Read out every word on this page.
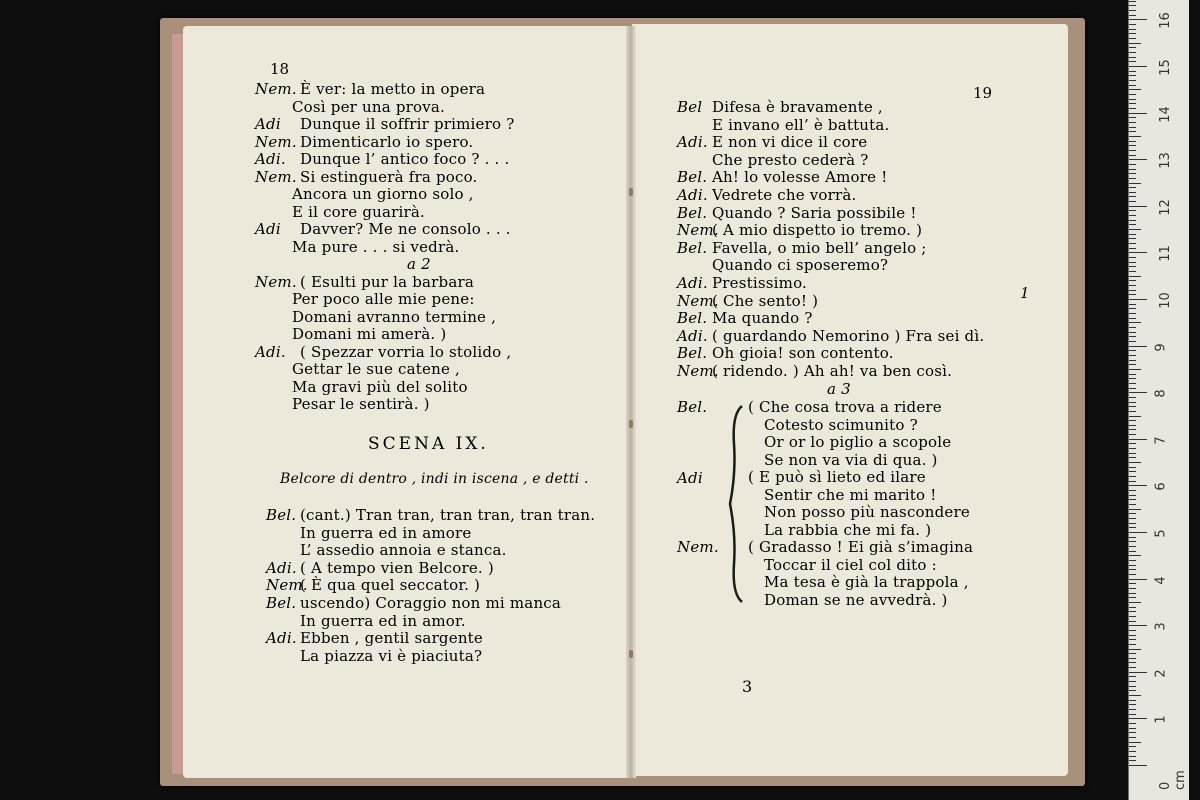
18
Nem. È ver: la metto in opera
Così per una prova.
Adi Dunque il soffrir primiero ?
Nem. Dimenticarlo io spero.
Adi. Dunque l’ antico foco ? . . .
Nem. Si estinguerà fra poco.
Ancora un giorno solo ,
E il core guarirà.
Adi Davver? Me ne consolo . . .
Ma pure . . . si vedrà.
a 2
Nem. ( Esulti pur la barbara
Per poco alle mie pene:
Domani avranno termine ,
Domani mi amerà. )
Adi. ( Spezzar vorria lo stolido ,
Gettar le sue catene ,
Ma gravi più del solito
Pesar le sentirà. )
SCENA IX.
Belcore di dentro , indi in iscena , e detti .
Bel. (cant.) Tran tran, tran tran, tran tran.
In guerra ed in amore
L’ assedio annoia e stanca.
Adi. ( A tempo vien Belcore. )
Nem.
( È qua quel seccator. )
Bel. uscendo) Coraggio non mi manca
In guerra ed in amor.
Adi. Ebben , gentil sargente
La piazza vi è piaciuta?
19
Bel Difesa è bravamente ,
E invano ell’ è battuta.
Adi. E non vi dice il core
Che presto cederà ?
Bel. Ah! lo volesse Amore !
Adi. Vedrete che vorrà.
Bel. Quando ? Saria possibile !
Nem.
( A mio dispetto io tremo. )
Bel. Favella, o mio bell’ angelo ;
Quando ci sposeremo?
Adi. Prestissimo.
Nem.
( Che sento! )
Bel. Ma quando ?
Adi. ( guardando Nemorino ) Fra sei dì.
Bel. Oh gioia! son contento.
Nem.
( ridendo. ) Ah ah! va ben così.
a 3
Bel.
Adi
Nem.
( Che cosa trova a ridere
Cotesto scimunito ?
Or or lo piglio a scopole
Se non va via di qua. )
( E può sì lieto ed ilare
Sentir che mi marito !
Non posso più nascondere
La rabbia che mi fa. )
( Gradasso ! Ei già s’imagina
Toccar il ciel col dito :
Ma tesa è già la trappola ,
Doman se ne avvedrà. )
1
3
16
15
14
13
12
11
10
9
8
7
6
5
4
3
2
1
0 cm
